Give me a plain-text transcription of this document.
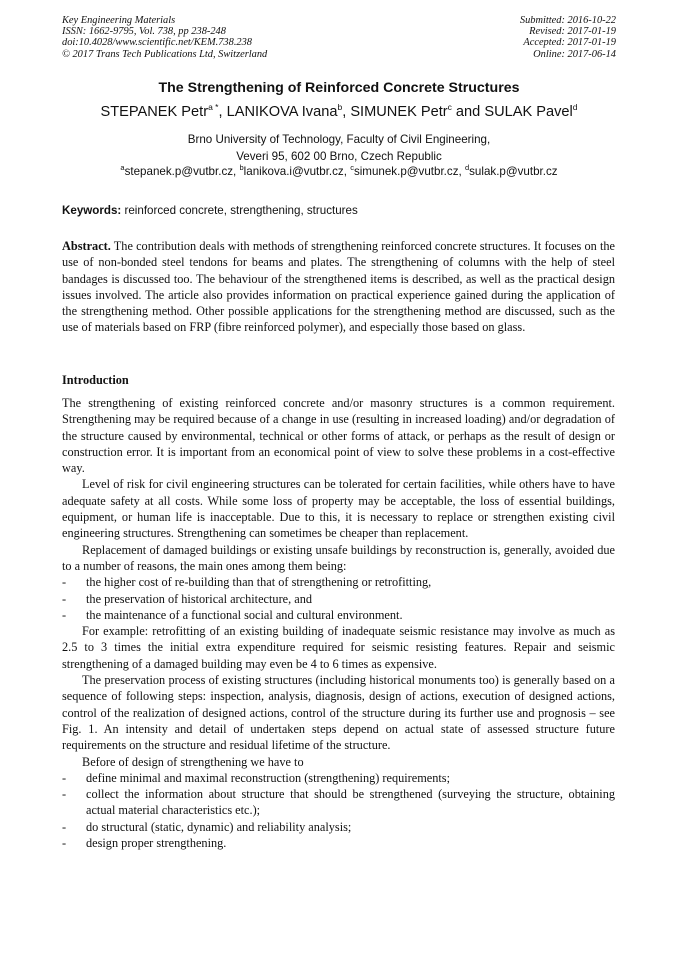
Key Engineering Materials
ISSN: 1662-9795, Vol. 738, pp 238-248
doi:10.4028/www.scientific.net/KEM.738.238
© 2017 Trans Tech Publications Ltd, Switzerland
Submitted: 2016-10-22
Revised: 2017-01-19
Accepted: 2017-01-19
Online: 2017-06-14
The Strengthening of Reinforced Concrete Structures
STEPANEK Petr$^{a *}$, LANIKOVA Ivana$^b$, SIMUNEK Petr$^c$ and SULAK Pavel$^d$
Brno University of Technology, Faculty of Civil Engineering,
Veveri 95, 602 00 Brno, Czech Republic
$^a$stepanek.p@vutbr.cz, $^b$lanikova.i@vutbr.cz, $^c$simunek.p@vutbr.cz, $^d$sulak.p@vutbr.cz
Keywords: reinforced concrete, strengthening, structures
Abstract. The contribution deals with methods of strengthening reinforced concrete structures. It focuses on the use of non-bonded steel tendons for beams and plates. The strengthening of columns with the help of steel bandages is discussed too. The behaviour of the strengthened items is described, as well as the practical design issues involved. The article also provides information on practical experience gained during the application of the strengthening method. Other possible applications for the strengthening method are discussed, such as the use of materials based on FRP (fibre reinforced polymer), and especially those based on glass.
Introduction

The strengthening of existing reinforced concrete and/or masonry structures is a common requirement. Strengthening may be required because of a change in use (resulting in increased loading) and/or degradation of the structure caused by environmental, technical or other forms of attack, or perhaps as the result of design or construction error. It is important from an economical point of view to solve these problems in a cost-effective way.

Level of risk for civil engineering structures can be tolerated for certain facilities, while others have to have adequate safety at all costs. While some loss of property may be acceptable, the loss of essential buildings, equipment, or human life is inacceptable. Due to this, it is necessary to replace or strengthen existing civil engineering structures. Strengthening can sometimes be cheaper than replacement.

Replacement of damaged buildings or existing unsafe buildings by reconstruction is, generally, avoided due to a number of reasons, the main ones among them being:

-	the higher cost of re-building than that of strengthening or retrofitting,
-	the preservation of historical architecture, and
-	the maintenance of a functional social and cultural environment.

For example: retrofitting of an existing building of inadequate seismic resistance may involve as much as 2.5 to 3 times the initial extra expenditure required for seismic resisting features. Repair and seismic strengthening of a damaged building may even be 4 to 6 times as expensive.

The preservation process of existing structures (including historical monuments too) is generally based on a sequence of following steps: inspection, analysis, diagnosis, design of actions, execution of designed actions, control of the realization of designed actions, control of the structure during its further use and prognosis – see Fig. 1. An intensity and detail of undertaken steps depend on actual state of assessed structure future requirements on the structure and residual lifetime of the structure.

Before of design of strengthening we have to

-	define minimal and maximal reconstruction (strengthening) requirements;
-	collect the information about structure that should be strengthened (surveying the structure, obtaining actual material characteristics etc.);
-	do structural (static, dynamic) and reliability analysis;
-	design proper strengthening.
